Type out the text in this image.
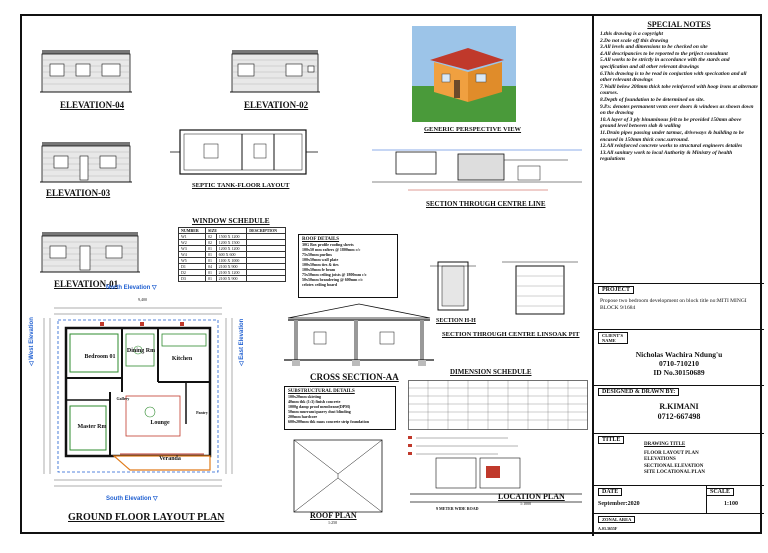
ELEVATION-04	ELEVATION-02
ELEVATION-03
ELEVATION-01
SEPTIC TANK-FLOOR LAYOUT
GENERIC PERSPECTIVE VIEW
SECTION THROUGH CENTRE LINE
WINDOW SCHEDULE
NUMBER	SIZE		DESCRIPTION
W1	02	1500 X 1200	
W2	02	1200 X 1500	
W3	01	1200 X 1200	
W4	01	600 X 600	
W5	01	1100 X 1000	
D1	04	2100 X 900	
D2	01	2100 X 1200	
D3	01	2100 X 900	
ROOF DETAILS
30G Box profile roofing sheets
100x50 mm rafters @ 1800mm c/c
75x50mm purlins
100x50mm wall plate
100x50mm ties & ties
100x50mm fe beam
75x50mm ceiling joists @ 1800mm c/c
50x50mm brandering @ 600mm c/c
celotex ceiling board
SECTION H-H
SECTION THROUGH CENTRE LINSOAK PIT
CROSS SECTION-AA
SUBSTRUCTURAL DETAILS
100x20mm skirting
40mm thk (1:3) finish concrete
1000g damp proof membrane(DPM)
50mm murram/quarry dust blinding
200mm hardcore
600x200mm thk mass concrete strip foundation
DIMENSION SCHEDULE
LOCATION PLAN
1:1000
9 METER WIDE ROAD
ROOF PLAN
1:250
North Elevation ▽
9,400
◁ West Elevation
◁ East Elevation
Bedroom 01
Dining Rm
Kitchen
Gallery
Master Rm
Lounge
Pantry
Veranda
South Elevation ▽
GROUND FLOOR LAYOUT PLAN
SPECIAL NOTES
1.this drawing is a copyright
2.Do not scale off this drawing
3.All levels and dimensions to be checked on site
4.All descripancies to be reported to the priject consultant
5.All works to be strictly in accordance with the stards and specification and all other relevant drawings
6.This drawing is to be read in conjuction with specication and all other relevant drawings
7.Walll below 200mm thick tobe reinforced with hoop irons at alternate courses.
8.Depth of foundation to be determined on site.
9.P.v. denotes permanent vents over doors & windows as shown down on the drawing
10.A layer of 3 ply binuminous felt to be provided 150mm above ground level between slab & walling
11.Drain pipes passing under tarmac, driveways & building to be encased in 150mm thick conc.surround.
12.All reinforced concrete works to structural engineers detailes
13.All sanitary work to local Authority & Ministry of health regulations
PROJECT
Propose two bedroom development on block title no:MITI MINGI BLOCK 9/1684
CLIENT'S NAME
Nicholas Wachira Ndung'u
0710-710210
ID No.30150689
DESIGNED & DRAWN BY:
R.KIMANI
0712-667498
TITLE
DRAWING TITLE
FLOOR LAYOUT PLAN
ELEVATIONS
SECTIONAL ELEVATION
SITE LOCATIONAL PLAN
DATE	SCALE
September:2020	1:100
ZONAL AREA
A.03.3655F
